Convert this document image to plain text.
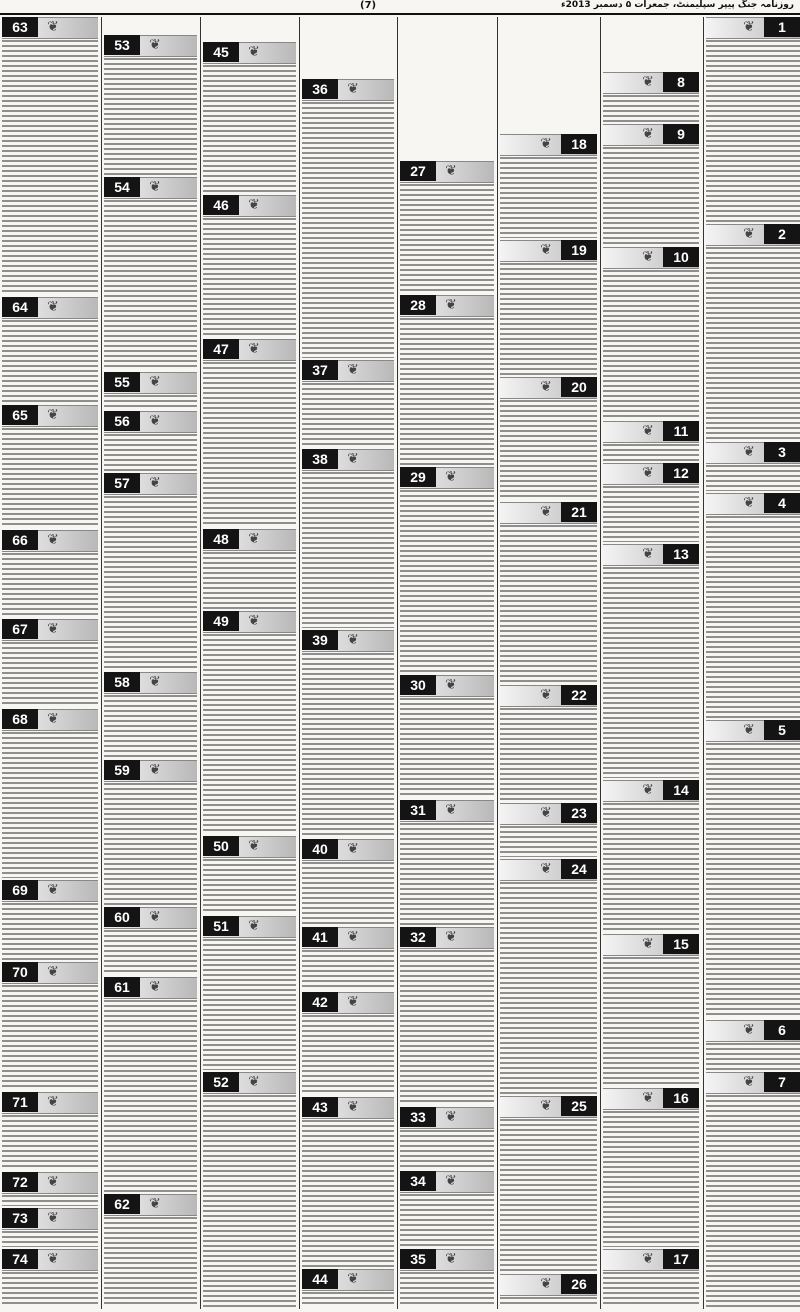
روزنامہ جنگ پیپر سپلیمنٹ، جمعرات ۵ دسمبر 2013ء
(7)
1
❦
2
❦
3
❦
4
❦
5
❦
6
❦
7
❦
8
❦
9
❦
10
❦
11
❦
12
❦
13
❦
14
❦
15
❦
16
❦
17
❦
18
❦
19
❦
20
❦
21
❦
22
❦
23
❦
24
❦
25
❦
26
❦
27	❦
28	❦
29	❦
30	❦
31	❦
32	❦
33	❦
34	❦
35	❦
36	❦
37	❦
38	❦
39	❦
40	❦
41	❦
42	❦
43	❦
44	❦
45	❦
46	❦
47	❦
48	❦
49	❦
50	❦
51	❦
52	❦
53	❦
54	❦
55	❦
56	❦
57	❦
58	❦
59	❦
60	❦
61	❦
62	❦
63	❦
64	❦
65	❦
66	❦
67	❦
68	❦
69	❦
70	❦
71	❦
72	❦
73	❦
74	❦
